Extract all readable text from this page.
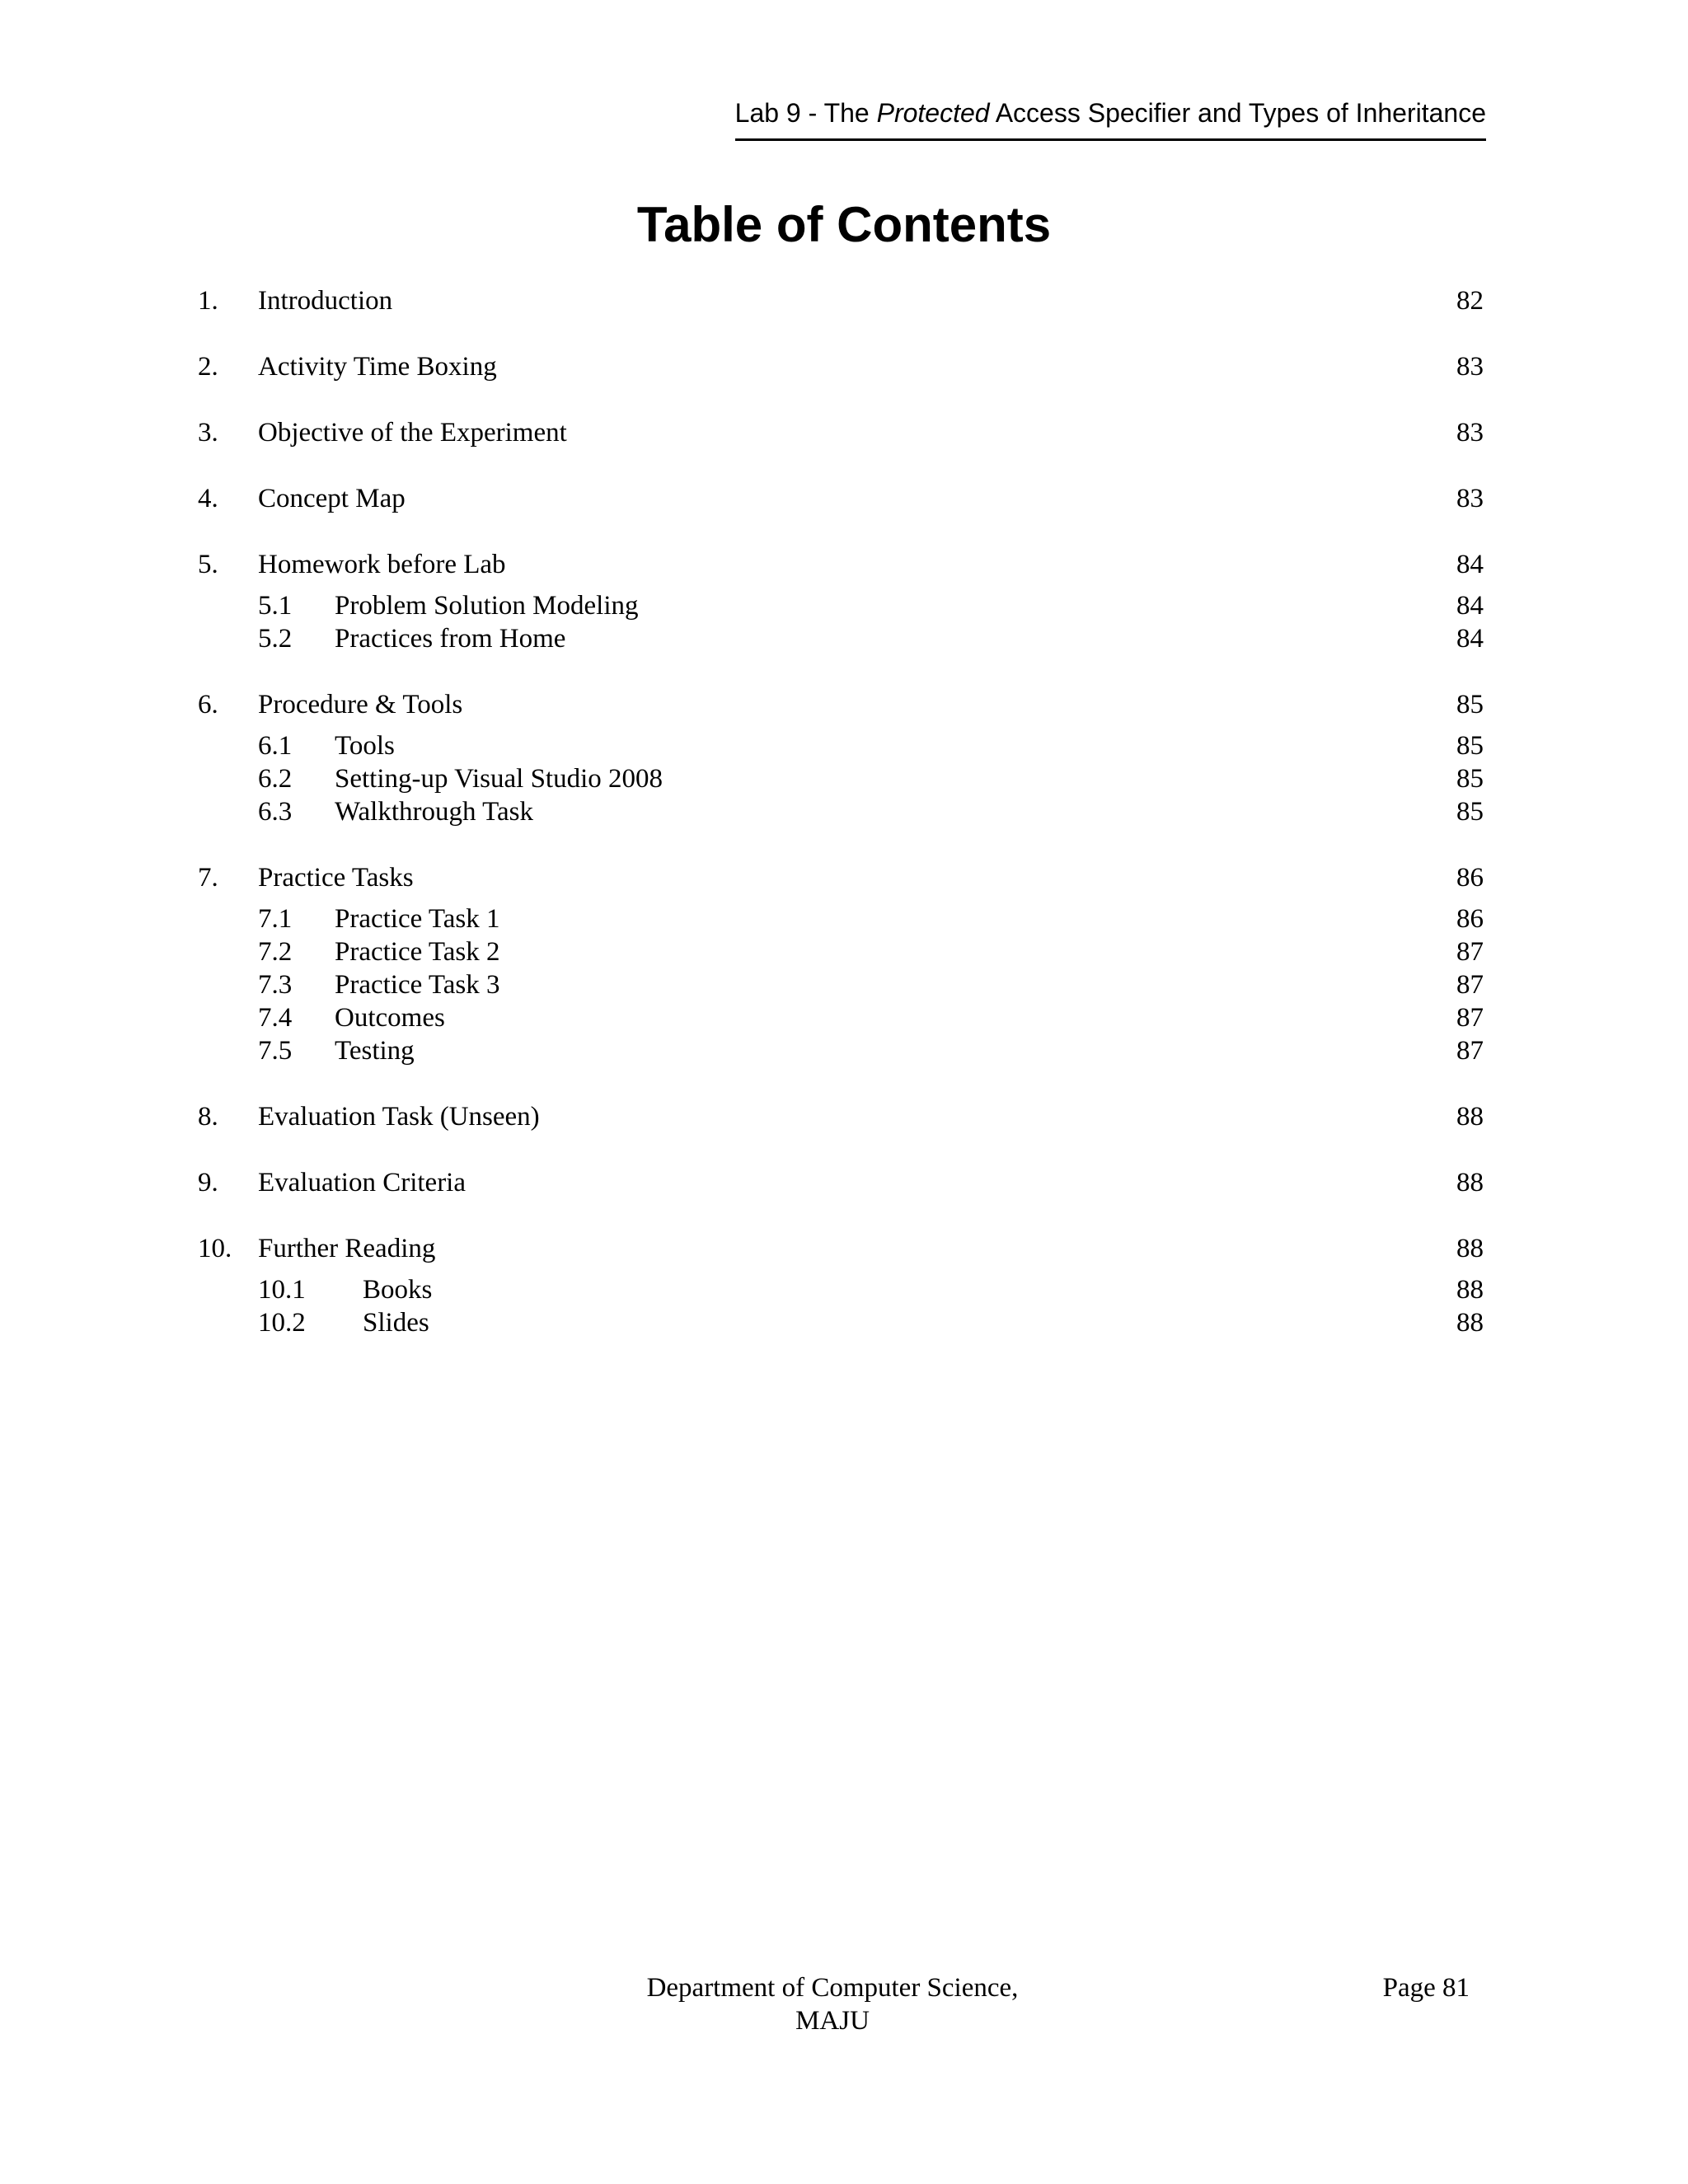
Lab 9 - The Protected Access Specifier and Types of Inheritance
Table of Contents
1. Introduction	82
2. Activity Time Boxing	83
3. Objective of the Experiment	83
4. Concept Map	83
5. Homework before Lab	84
5.1 Problem Solution Modeling	84
5.2 Practices from Home	84
6. Procedure & Tools	85
6.1 Tools	85
6.2 Setting-up Visual Studio 2008	85
6.3 Walkthrough Task	85
7. Practice Tasks	86
7.1 Practice Task 1	86
7.2 Practice Task 2	87
7.3 Practice Task 3	87
7.4 Outcomes	87
7.5 Testing	87
8. Evaluation Task (Unseen)	88
9. Evaluation Criteria	88
10. Further Reading	88
10.1 Books	88
10.2 Slides	88
Department of Computer Science, MAJU
Page 81
